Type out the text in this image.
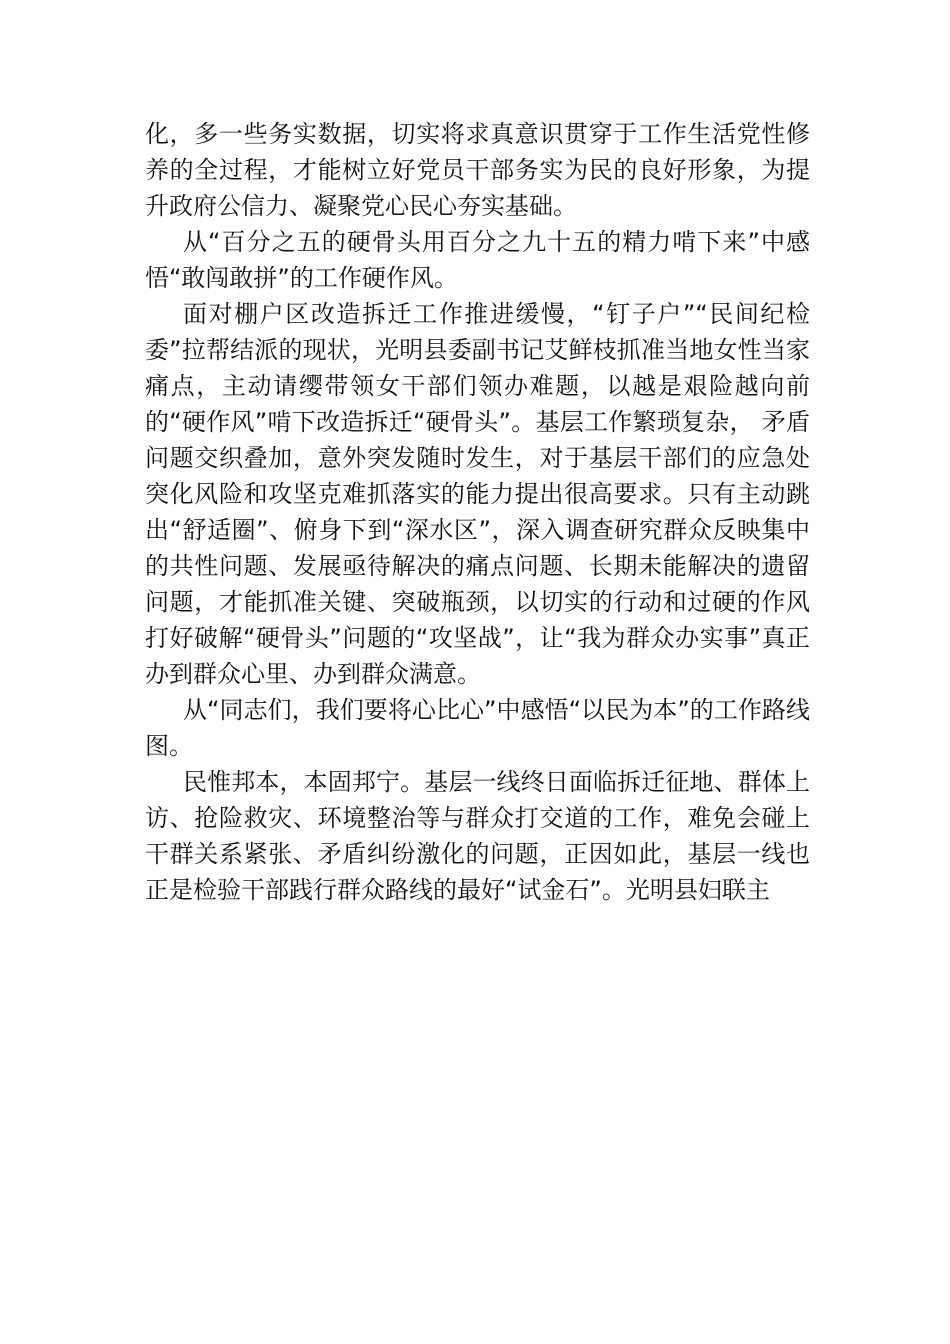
化，多一些务实数据，切实将求真意识贯穿于工作生活党性修养的全过程，才能树立好党员干部务实为民的良好形象，为提升政府公信力、凝聚党心民心夯实基础。

从“百分之五的硬骨头用百分之九十五的精力啃下来”中感悟“敢闯敢拼”的工作硬作风。

面对棚户区改造拆迁工作推进缓慢，“钉子户”“民间纪检委”拉帮结派的现状，光明县委副书记艾鲜枝抓准当地女性当家痛点，主动请缨带领女干部们领办难题，以越是艰险越向前的“硬作风”啃下改造拆迁“硬骨头”。基层工作繁琐复杂， 矛盾问题交织叠加，意外突发随时发生，对于基层干部们的应急处突化风险和攻坚克难抓落实的能力提出很高要求。只有主动跳出“舒适圈”、俯身下到“深水区”，深入调查研究群众反映集中的共性问题、发展亟待解决的痛点问题、长期未能解决的遗留问题，才能抓准关键、突破瓶颈，以切实的行动和过硬的作风打好破解“硬骨头”问题的“攻坚战”，让“我为群众办实事”真正办到群众心里、办到群众满意。

从“同志们，我们要将心比心”中感悟“以民为本”的工作路线图。

民惟邦本，本固邦宁。基层一线终日面临拆迁征地、群体上访、抢险救灾、环境整治等与群众打交道的工作，难免会碰上干群关系紧张、矛盾纠纷激化的问题，正因如此，基层一线也正是检验干部践行群众路线的最好“试金石”。光明县妇联主
